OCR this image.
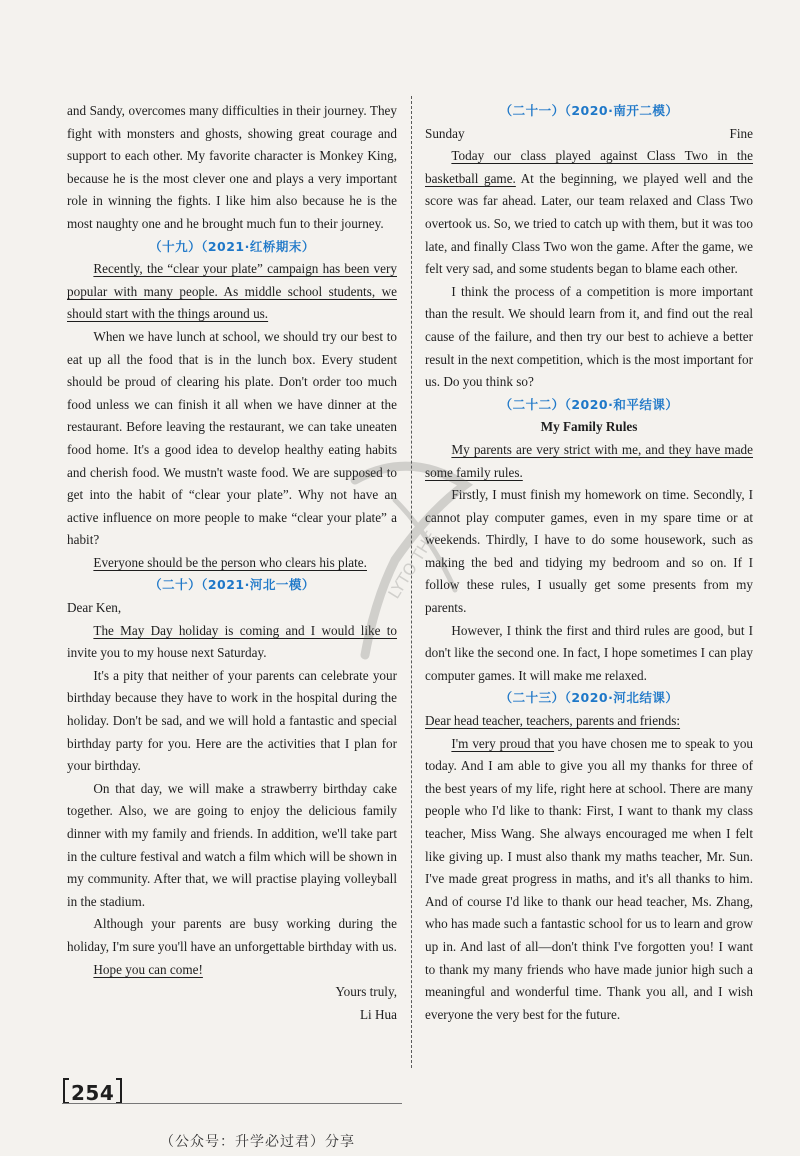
and Sandy, overcomes many difficulties in their journey. They fight with monsters and ghosts, showing great courage and support to each other. My favorite character is Monkey King, because he is the most clever one and plays a very important role in winning the fights. I like him also because he is the most naughty one and he brought much fun to their journey.

（十九）（2021·红桥期末）

Recently, the “clear your plate” campaign has been very popular with many people. As middle school students, we should start with the things around us.

When we have lunch at school, we should try our best to eat up all the food that is in the lunch box. Every student should be proud of clearing his plate. Don't order too much food unless we can finish it all when we have dinner at the restaurant. Before leaving the restaurant, we can take uneaten food home. It's a good idea to develop healthy eating habits and cherish food. We mustn't waste food. We are supposed to get into the habit of “clear your plate”. Why not have an active influence on more people to make “clear your plate” a habit?

Everyone should be the person who clears his plate.

（二十）（2021·河北一模）

Dear Ken,

The May Day holiday is coming and I would like to invite you to my house next Saturday.

It's a pity that neither of your parents can celebrate your birthday because they have to work in the hospital during the holiday. Don't be sad, and we will hold a fantastic and special birthday party for you. Here are the activities that I plan for your birthday.

On that day, we will make a strawberry birthday cake together. Also, we are going to enjoy the delicious family dinner with my family and friends. In addition, we'll take part in the culture festival and watch a film which will be shown in my community. After that, we will practise playing volleyball in the stadium.

Although your parents are busy working during the holiday, I'm sure you'll have an unforgettable birthday with us.

Hope you can come!

Yours truly,

Li Hua

（二十一）（2020·南开二模）

Sunday	Fine

Today our class played against Class Two in the basketball game. At the beginning, we played well and the score was far ahead. Later, our team relaxed and Class Two overtook us. So, we tried to catch up with them, but it was too late, and finally Class Two won the game. After the game, we felt very sad, and some students began to blame each other.

I think the process of a competition is more important than the result. We should learn from it, and find out the real cause of the failure, and then try our best to achieve a better result in the next competition, which is the most important for us. Do you think so?

（二十二）（2020·和平结课）

My Family Rules

My parents are very strict with me, and they have made some family rules.

Firstly, I must finish my homework on time. Secondly, I cannot play computer games, even in my spare time or at weekends. Thirdly, I have to do some housework, such as making the bed and tidying my bedroom and so on. If I follow these rules, I usually get some presents from my parents.

However, I think the first and third rules are good, but I don't like the second one. In fact, I hope sometimes I can play computer games. It will make me relaxed.

（二十三）（2020·河北结课）

Dear head teacher, teachers, parents and friends:

I'm very proud that you have chosen me to speak to you today. And I am able to give you all my thanks for three of the best years of my life, right here at school. There are many people who I'd like to thank: First, I want to thank my class teacher, Miss Wang. She always encouraged me when I felt like giving up. I must also thank my maths teacher, Mr. Sun. I've made great progress in maths, and it's all thanks to him. And of course I'd like to thank our head teacher, Ms. Zhang, who has made such a fantastic school for us to learn and grow up in. And last of all—don't think I've forgotten you! I want to thank my many friends who have made junior high such a meaningful and wonderful time. Thank you all, and I wish everyone the very best for the future.

LYTO THE
254
（公众号：升学必过君）分享
